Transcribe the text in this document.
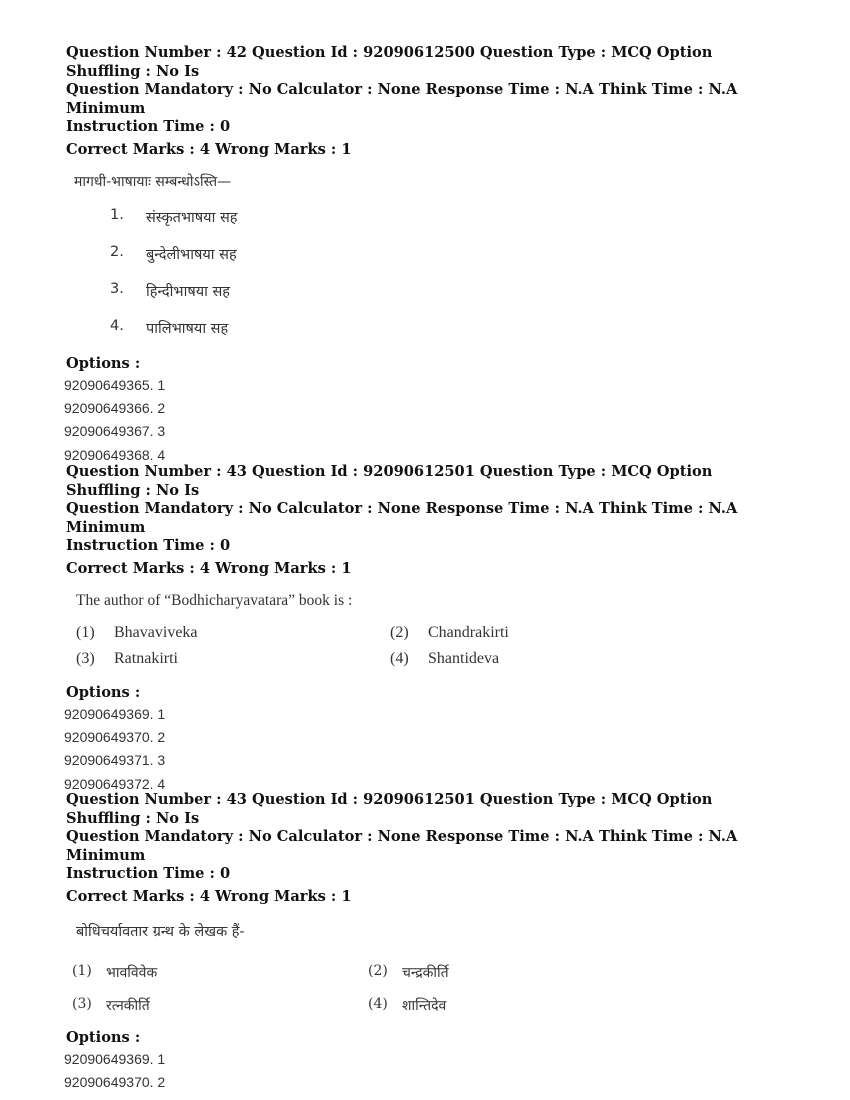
Question Number : 42 Question Id : 92090612500 Question Type : MCQ Option Shuffling : No Is
Question Mandatory : No Calculator : None Response Time : N.A Think Time : N.A Minimum
Instruction Time : 0
Correct Marks : 4 Wrong Marks : 1
मागधी-भाषायाः सम्बन्धोऽस्ति—
1.	संस्कृतभाषया सह
2.	बुन्देलीभाषया सह
3.	हिन्दीभाषया सह
4.	पालिभाषया सह
Options :
92090649365. 1
92090649366. 2
92090649367. 3
92090649368. 4
Question Number : 43 Question Id : 92090612501 Question Type : MCQ Option Shuffling : No Is
Question Mandatory : No Calculator : None Response Time : N.A Think Time : N.A Minimum
Instruction Time : 0
Correct Marks : 4 Wrong Marks : 1
The author of “Bodhicharyavatara” book is :
(1)	Bhavaviveka	(2)	Chandrakirti
(3)	Ratnakirti	(4)	Shantideva
Options :
92090649369. 1
92090649370. 2
92090649371. 3
92090649372. 4
Question Number : 43 Question Id : 92090612501 Question Type : MCQ Option Shuffling : No Is
Question Mandatory : No Calculator : None Response Time : N.A Think Time : N.A Minimum
Instruction Time : 0
Correct Marks : 4 Wrong Marks : 1
बोधिचर्यावतार ग्रन्थ के लेखक हैं-
(1)	भावविवेक	(2)	चन्द्रकीर्ति
(3)	रत्नकीर्ति	(4)	शान्तिदेव
Options :
92090649369. 1
92090649370. 2
